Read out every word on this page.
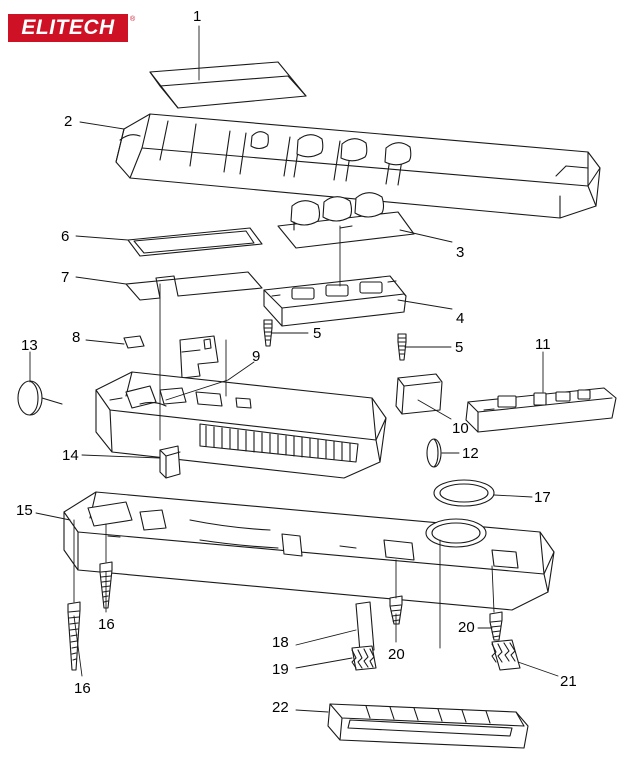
ELITECH	®	1
2
3
4
5
5
6
7
8
9
10
11
12
13
14
15
16
16
17
18
19
20
20
21
22
